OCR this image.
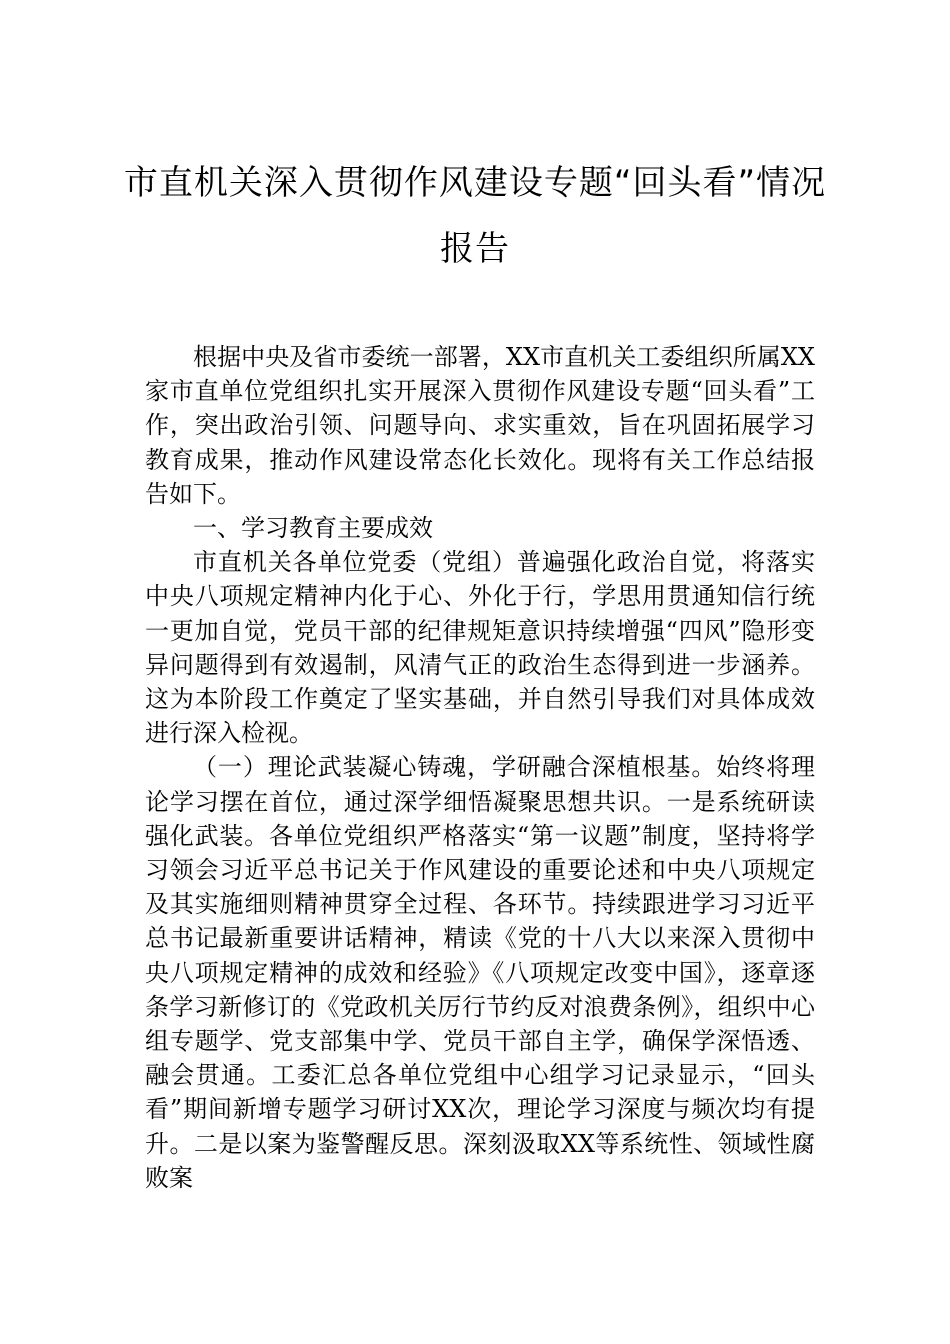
市直机关深入贯彻作风建设专题“回头看”情况报告

根据中央及省市委统一部署，XX市直机关工委组织所属XX家市直单位党组织扎实开展深入贯彻作风建设专题“回头看”工作，突出政治引领、问题导向、求实重效，旨在巩固拓展学习教育成果，推动作风建设常态化长效化。现将有关工作总结报告如下。

一、学习教育主要成效

市直机关各单位党委（党组）普遍强化政治自觉，将落实中央八项规定精神内化于心、外化于行，学思用贯通知信行统一更加自觉，党员干部的纪律规矩意识持续增强“四风”隐形变异问题得到有效遏制，风清气正的政治生态得到进一步涵养。这为本阶段工作奠定了坚实基础，并自然引导我们对具体成效进行深入检视。

（一）理论武装凝心铸魂，学研融合深植根基。始终将理论学习摆在首位，通过深学细悟凝聚思想共识。一是系统研读强化武装。各单位党组织严格落实“第一议题”制度，坚持将学习领会习近平总书记关于作风建设的重要论述和中央八项规定及其实施细则精神贯穿全过程、各环节。持续跟进学习习近平总书记最新重要讲话精神，精读《党的十八大以来深入贯彻中央八项规定精神的成效和经验》《八项规定改变中国》，逐章逐条学习新修订的《党政机关厉行节约反对浪费条例》，组织中心组专题学、党支部集中学、党员干部自主学，确保学深悟透、融会贯通。工委汇总各单位党组中心组学习记录显示，“回头看”期间新增专题学习研讨XX次，理论学习深度与频次均有提升。二是以案为鉴警醒反思。深刻汲取XX等系统性、领域性腐败案
